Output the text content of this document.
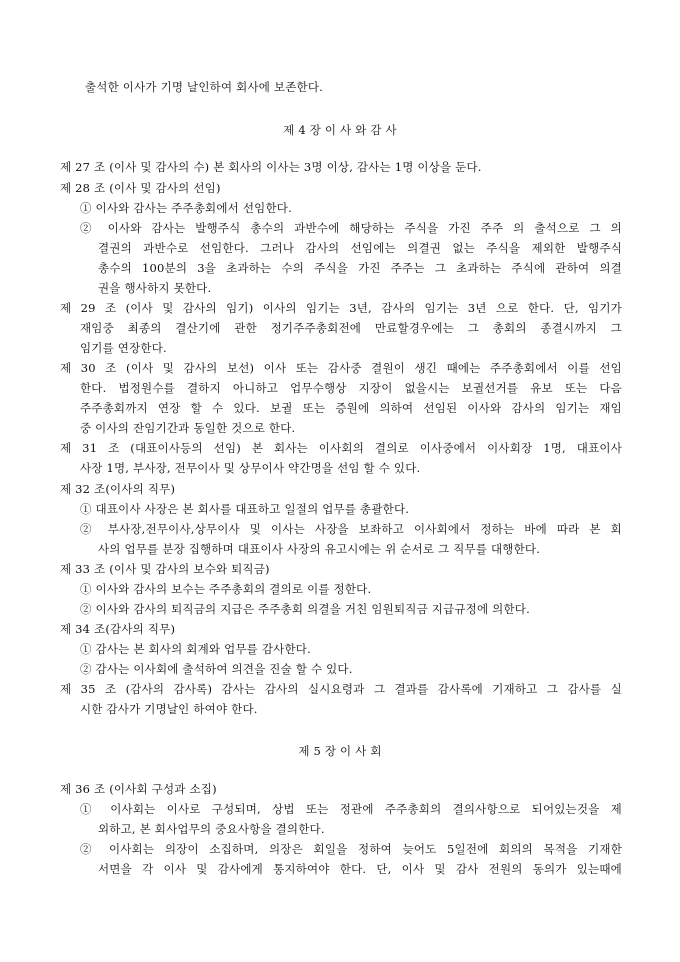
출석한 이사가 기명 날인하여 회사에 보존한다.
제 4 장 이 사 와 감 사
제 27 조 (이사 및 감사의 수) 본 회사의 이사는 3명 이상, 감사는 1명 이상을 둔다.
제 28 조 (이사 및 감사의 선임)
① 이사와 감사는 주주총회에서 선임한다.
② 이사와 감사는 발행주식 총수의 과반수에 해당하는 주식을 가진 주주 의 출석으로 그 의
결권의 과반수로 선임한다. 그러나 감사의 선임에는 의결권 없는 주식을 제외한 발행주식
총수의 100분의 3을 초과하는 수의 주식을 가진 주주는 그 초과하는 주식에 관하여 의결
권을 행사하지 못한다.
제 29 조 (이사 및 감사의 임기) 이사의 임기는 3년, 감사의 임기는 3년 으로 한다. 단, 임기가
재임중 최종의 결산기에 관한 정기주주총회전에 만료할경우에는 그 총회의 종결시까지 그
임기를 연장한다.
제 30 조 (이사 및 감사의 보선) 이사 또는 감사중 결원이 생긴 때에는 주주총회에서 이를 선임
한다. 법정원수를 결하지 아니하고 업무수행상 지장이 없을시는 보궐선거를 유보 또는 다음
주주총회까지 연장 할 수 있다. 보궐 또는 증원에 의하여 선임된 이사와 감사의 임기는 재임
중 이사의 잔임기간과 동일한 것으로 한다.
제 31 조 (대표이사등의 선임) 본 회사는 이사회의 결의로 이사중에서 이사회장 1명, 대표이사
사장 1명, 부사장, 전무이사 및 상무이사 약간명을 선임 할 수 있다.
제 32 조(이사의 직무)
① 대표이사 사장은 본 회사를 대표하고 일절의 업무를 총괄한다.
② 부사장,전무이사,상무이사 및 이사는 사장을 보좌하고 이사회에서 정하는 바에 따라 본 회
사의 업무를 분장 집행하며 대표이사 사장의 유고시에는 위 순서로 그 직무를 대행한다.
제 33 조 (이사 및 감사의 보수와 퇴직금)
① 이사와 감사의 보수는 주주총회의 결의로 이를 정한다.
② 이사와 감사의 퇴직금의 지급은 주주총회 의결을 거친 임원퇴직금 지급규정에 의한다.
제 34 조(감사의 직무)
① 감사는 본 회사의 회계와 업무를 감사한다.
② 감사는 이사회에 출석하여 의견을 진술 할 수 있다.
제 35 조 (감사의 감사록) 감사는 감사의 실시요령과 그 결과를 감사록에 기재하고 그 감사를 실
시한 감사가 기명날인 하여야 한다.
제 5 장 이 사 회
제 36 조 (이사회 구성과 소집)
① 이사회는 이사로 구성되며, 상법 또는 정관에 주주총회의 결의사항으로 되어있는것을 제
외하고, 본 회사업무의 중요사항을 결의한다.
② 이사회는 의장이 소집하며, 의장은 회일을 정하여 늦어도 5일전에 회의의 목적을 기재한
서면을 각 이사 및 감사에게 통지하여야 한다. 단, 이사 및 감사 전원의 동의가 있는때에
